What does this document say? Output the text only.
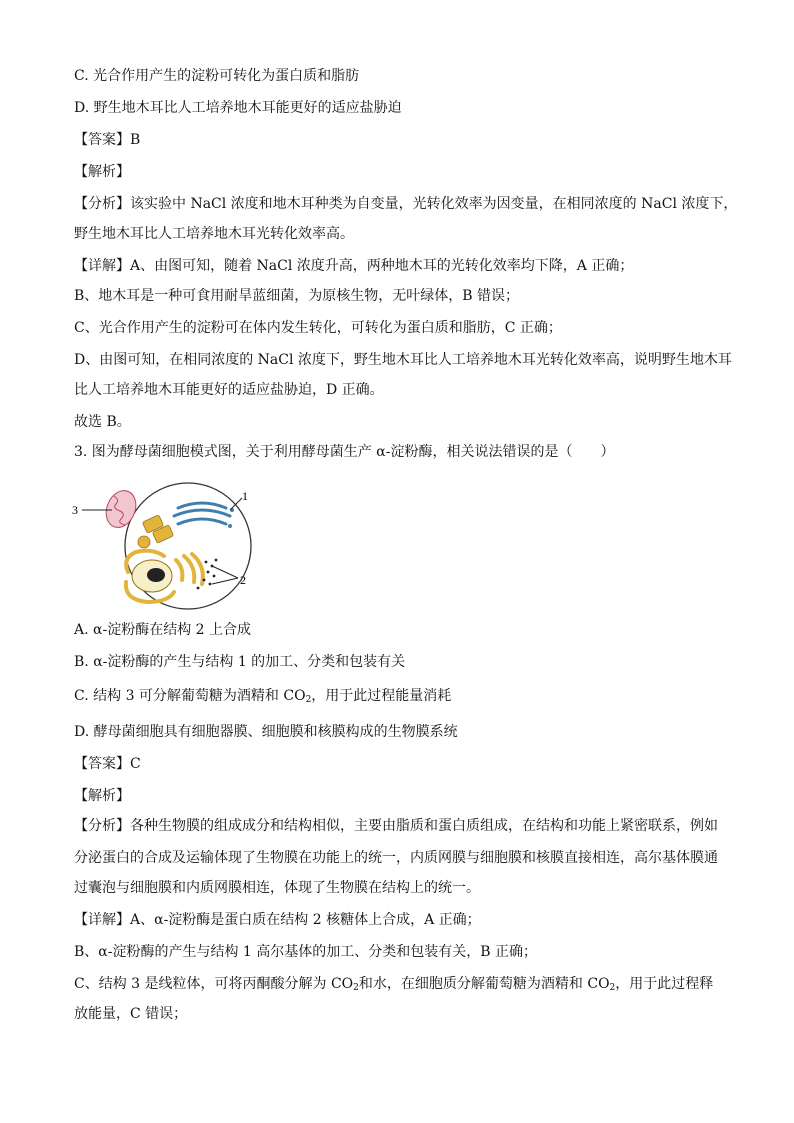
C. 光合作用产生的淀粉可转化为蛋白质和脂肪
D. 野生地木耳比人工培养地木耳能更好的适应盐胁迫
【答案】B
【解析】
【分析】该实验中 NaCl 浓度和地木耳种类为自变量，光转化效率为因变量，在相同浓度的 NaCl 浓度下，
野生地木耳比人工培养地木耳光转化效率高。
【详解】A、由图可知，随着 NaCl 浓度升高，两种地木耳的光转化效率均下降，A 正确；
B、地木耳是一种可食用耐旱蓝细菌，为原核生物，无叶绿体，B 错误；
C、光合作用产生的淀粉可在体内发生转化，可转化为蛋白质和脂肪，C 正确；
D、由图可知，在相同浓度的 NaCl 浓度下，野生地木耳比人工培养地木耳光转化效率高，说明野生地木耳
比人工培养地木耳能更好的适应盐胁迫，D 正确。
故选 B。
3. 图为酵母菌细胞模式图，关于利用酵母菌生产 α-淀粉酶，相关说法错误的是（　　）
1
2
3
A. α-淀粉酶在结构 2 上合成
B. α-淀粉酶的产生与结构 1 的加工、分类和包装有关
C. 结构 3 可分解葡萄糖为酒精和 $CO_2$，用于此过程能量消耗
D. 酵母菌细胞具有细胞器膜、细胞膜和核膜构成的生物膜系统
【答案】C
【解析】
【分析】各种生物膜的组成成分和结构相似，主要由脂质和蛋白质组成，在结构和功能上紧密联系，例如
分泌蛋白的合成及运输体现了生物膜在功能上的统一，内质网膜与细胞膜和核膜直接相连，高尔基体膜通
过囊泡与细胞膜和内质网膜相连，体现了生物膜在结构上的统一。
【详解】A、α-淀粉酶是蛋白质在结构 2 核糖体上合成，A 正确；
B、α-淀粉酶的产生与结构 1 高尔基体的加工、分类和包装有关，B 正确；
C、结构 3 是线粒体，可将丙酮酸分解为 $CO_2$和水，在细胞质分解葡萄糖为酒精和 $CO_2$，用于此过程释
放能量，C 错误；
